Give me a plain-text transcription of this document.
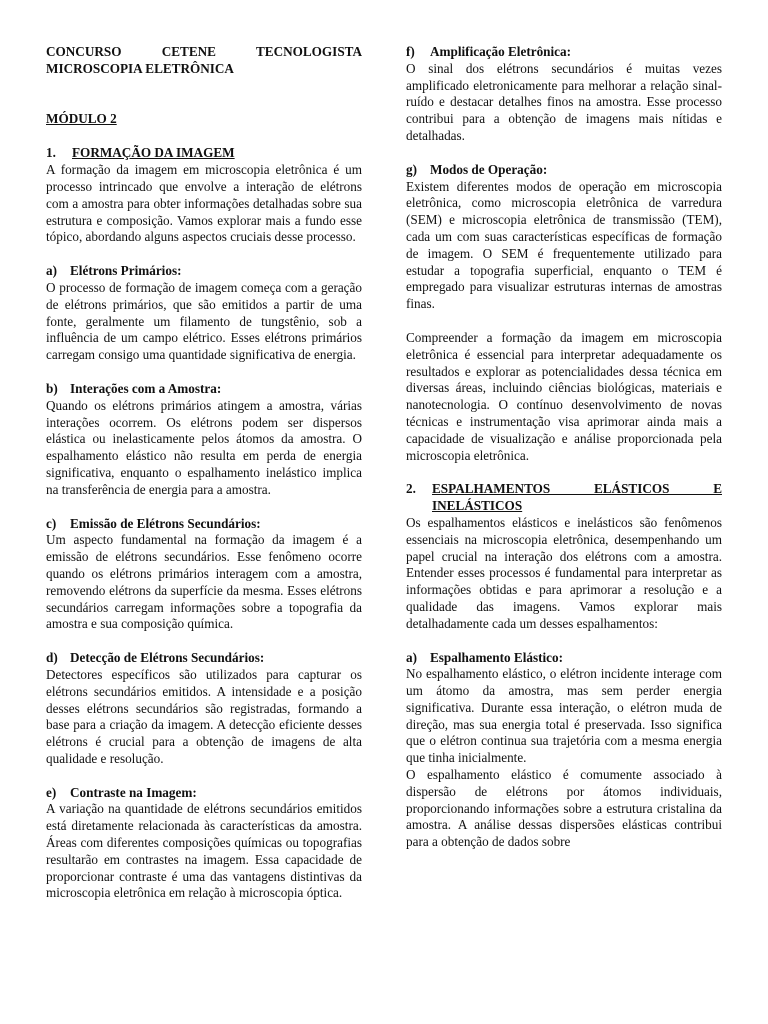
CONCURSO CETENE TECNOLOGISTA MICROSCOPIA ELETRÔNICA

MÓDULO 2

1.	FORMAÇÃO DA IMAGEM

A formação da imagem em microscopia eletrônica é um processo intrincado que envolve a interação de elétrons com a amostra para obter informações detalhadas sobre sua estrutura e composição. Vamos explorar mais a fundo esse tópico, abordando alguns aspectos cruciais desse processo.

a) Elétrons Primários:

O processo de formação de imagem começa com a geração de elétrons primários, que são emitidos a partir de uma fonte, geralmente um filamento de tungstênio, sob a influência de um campo elétrico. Esses elétrons primários carregam consigo uma quantidade significativa de energia.

b) Interações com a Amostra:

Quando os elétrons primários atingem a amostra, várias interações ocorrem. Os elétrons podem ser dispersos elástica ou inelasticamente pelos átomos da amostra. O espalhamento elástico não resulta em perda de energia significativa, enquanto o espalhamento inelástico implica na transferência de energia para a amostra.

c)	Emissão de Elétrons Secundários:

Um aspecto fundamental na formação da imagem é a emissão de elétrons secundários. Esse fenômeno ocorre quando os elétrons primários interagem com a amostra, removendo elétrons da superfície da mesma. Esses elétrons secundários carregam informações sobre a topografia da amostra e sua composição química.

d) Detecção de Elétrons Secundários:

Detectores específicos são utilizados para capturar os elétrons secundários emitidos. A intensidade e a posição desses elétrons secundários são registradas, formando a base para a criação da imagem. A detecção eficiente desses elétrons é crucial para a obtenção de imagens de alta qualidade e resolução.

e)	Contraste na Imagem:

A variação na quantidade de elétrons secundários emitidos está diretamente relacionada às características da amostra. Áreas com diferentes composições químicas ou topografias resultarão em contrastes na imagem. Essa capacidade de proporcionar contraste é uma das vantagens distintivas da microscopia eletrônica em relação à microscopia óptica.

f)	Amplificação Eletrônica:

O sinal dos elétrons secundários é muitas vezes amplificado eletronicamente para melhorar a relação sinal-ruído e destacar detalhes finos na amostra. Esse processo contribui para a obtenção de imagens mais nítidas e detalhadas.

g) Modos de Operação:

Existem diferentes modos de operação em microscopia eletrônica, como microscopia eletrônica de varredura (SEM) e microscopia eletrônica de transmissão (TEM), cada um com suas características específicas de formação de imagem. O SEM é frequentemente utilizado para estudar a topografia superficial, enquanto o TEM é empregado para visualizar estruturas internas de amostras finas.

Compreender a formação da imagem em microscopia eletrônica é essencial para interpretar adequadamente os resultados e explorar as potencialidades dessa técnica em diversas áreas, incluindo ciências biológicas, materiais e nanotecnologia. O contínuo desenvolvimento de novas técnicas e instrumentação visa aprimorar ainda mais a capacidade de visualização e análise proporcionada pela microscopia eletrônica.

2.	ESPALHAMENTOS ELÁSTICOS E INELÁSTICOS

Os espalhamentos elásticos e inelásticos são fenômenos essenciais na microscopia eletrônica, desempenhando um papel crucial na interação dos elétrons com a amostra. Entender esses processos é fundamental para interpretar as informações obtidas e para aprimorar a resolução e a qualidade das imagens. Vamos explorar mais detalhadamente cada um desses espalhamentos:

a) Espalhamento Elástico:

No espalhamento elástico, o elétron incidente interage com um átomo da amostra, mas sem perder energia significativa. Durante essa interação, o elétron muda de direção, mas sua energia total é preservada. Isso significa que o elétron continua sua trajetória com a mesma energia que tinha inicialmente.

O espalhamento elástico é comumente associado à dispersão de elétrons por átomos individuais, proporcionando informações sobre a estrutura cristalina da amostra. A análise dessas dispersões elásticas contribui para a obtenção de dados sobre
